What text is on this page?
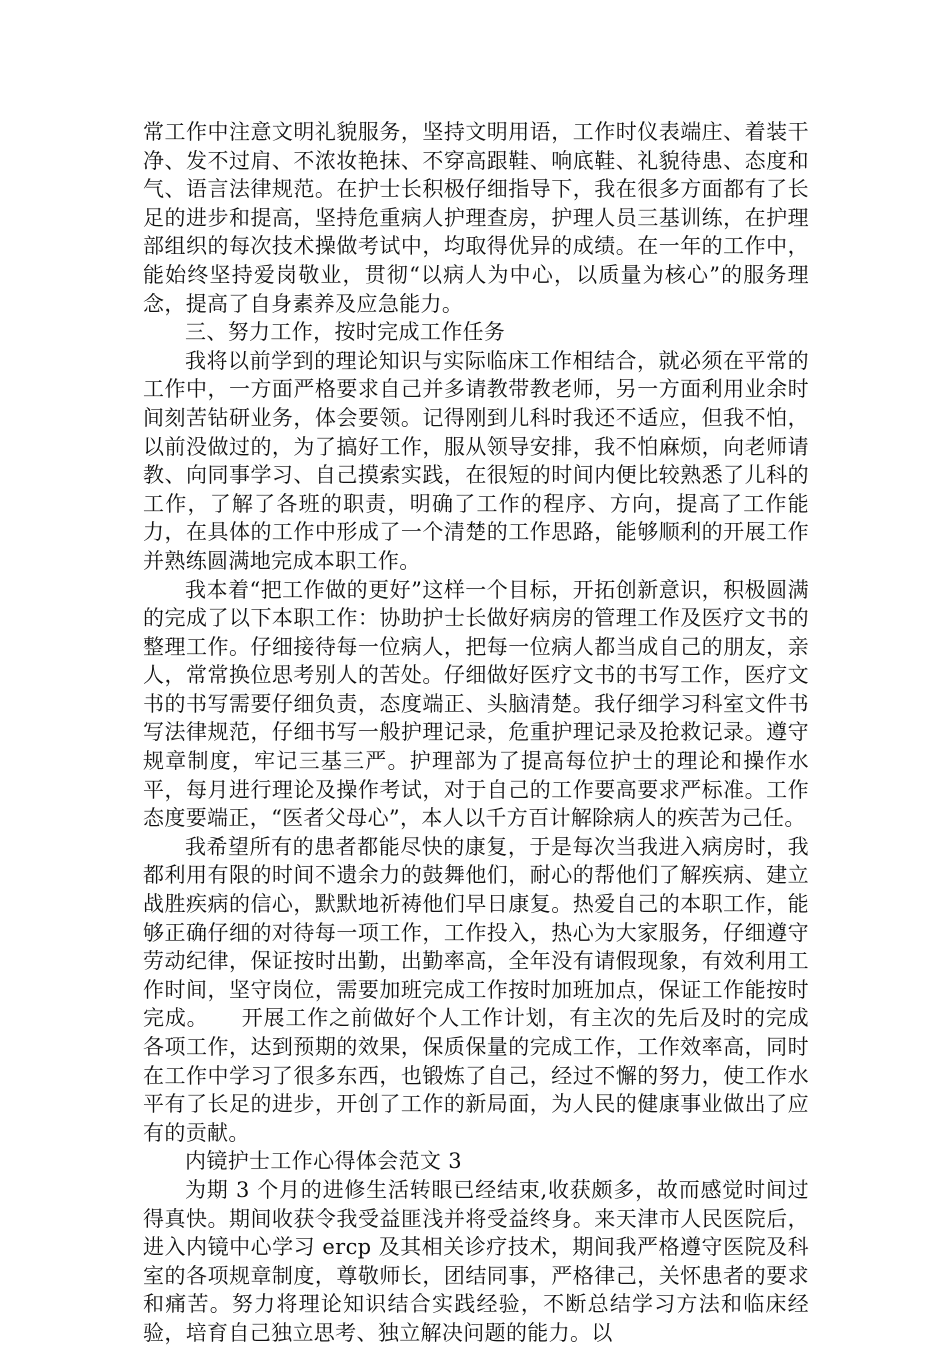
常工作中注意文明礼貌服务，坚持文明用语，工作时仪表端庄、着装干净、发不过肩、不浓妆艳抹、不穿高跟鞋、响底鞋、礼貌待患、态度和气、语言法律规范。在护士长积极仔细指导下，我在很多方面都有了长足的进步和提高，坚持危重病人护理查房，护理人员三基训练，在护理部组织的每次技术操做考试中，均取得优异的成绩。在一年的工作中，能始终坚持爱岗敬业，贯彻“以病人为中心，以质量为核心”的服务理念，提高了自身素养及应急能力。

三、努力工作，按时完成工作任务

我将以前学到的理论知识与实际临床工作相结合，就必须在平常的工作中，一方面严格要求自己并多请教带教老师，另一方面利用业余时间刻苦钻研业务，体会要领。记得刚到儿科时我还不适应，但我不怕，以前没做过的，为了搞好工作，服从领导安排，我不怕麻烦，向老师请教、向同事学习、自己摸索实践，在很短的时间内便比较熟悉了儿科的工作，了解了各班的职责，明确了工作的程序、方向，提高了工作能力，在具体的工作中形成了一个清楚的工作思路，能够顺利的开展工作并熟练圆满地完成本职工作。

我本着“把工作做的更好”这样一个目标，开拓创新意识，积极圆满的完成了以下本职工作：协助护士长做好病房的管理工作及医疗文书的整理工作。仔细接待每一位病人，把每一位病人都当成自己的朋友，亲人，常常换位思考别人的苦处。仔细做好医疗文书的书写工作，医疗文书的书写需要仔细负责，态度端正、头脑清楚。我仔细学习科室文件书写法律规范，仔细书写一般护理记录，危重护理记录及抢救记录。遵守规章制度，牢记三基三严。护理部为了提高每位护士的理论和操作水平，每月进行理论及操作考试，对于自己的工作要高要求严标准。工作态度要端正，“医者父母心”，本人以千方百计解除病人的疾苦为己任。

我希望所有的患者都能尽快的康复，于是每次当我进入病房时，我都利用有限的时间不遗余力的鼓舞他们，耐心的帮他们了解疾病、建立战胜疾病的信心，默默地祈祷他们早日康复。热爱自己的本职工作，能够正确仔细的对待每一项工作，工作投入，热心为大家服务，仔细遵守劳动纪律，保证按时出勤，出勤率高，全年没有请假现象，有效利用工作时间，坚守岗位，需要加班完成工作按时加班加点，保证工作能按时完成。　　开展工作之前做好个人工作计划，有主次的先后及时的完成各项工作，达到预期的效果，保质保量的完成工作，工作效率高，同时在工作中学习了很多东西，也锻炼了自己，经过不懈的努力，使工作水平有了长足的进步，开创了工作的新局面，为人民的健康事业做出了应有的贡献。

内镜护士工作心得体会范文 3

为期 3 个月的进修生活转眼已经结束,收获颇多，故而感觉时间过得真快。期间收获令我受益匪浅并将受益终身。来天津市人民医院后，进入内镜中心学习 ercp 及其相关诊疗技术，期间我严格遵守医院及科室的各项规章制度，尊敬师长，团结同事，严格律己，关怀患者的要求和痛苦。努力将理论知识结合实践经验，不断总结学习方法和临床经验，培育自己独立思考、独立解决问题的能力。以
